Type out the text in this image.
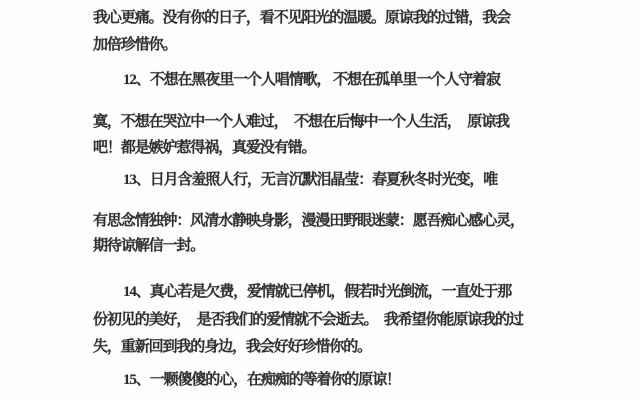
我心更痛。没有你的日子，看不见阳光的温暖。原谅我的过错，我会
加倍珍惜你。
12、不想在黑夜里一个人唱情歌， 不想在孤单里一个人守着寂
寞，不想在哭泣中一个人难过，　不想在后悔中一个人生活，　原谅我
吧！都是嫉妒惹得祸，真爱没有错。
13、日月含羞照人行，无言沉默泪晶莹：春夏秋冬时光变，唯
有思念情独钟：风清水静映身影，漫漫田野眼迷蒙：愿吾痴心感心灵，
期待谅解信一封。
14、真心若是欠费，爱情就已停机，假若时光倒流，一直处于那
份初见的美好，　是否我们的爱情就不会逝去。　我希望你能原谅我的过
失，重新回到我的身边，我会好好珍惜你的。
15、一颗傻傻的心，在痴痴的等着你的原谅！
